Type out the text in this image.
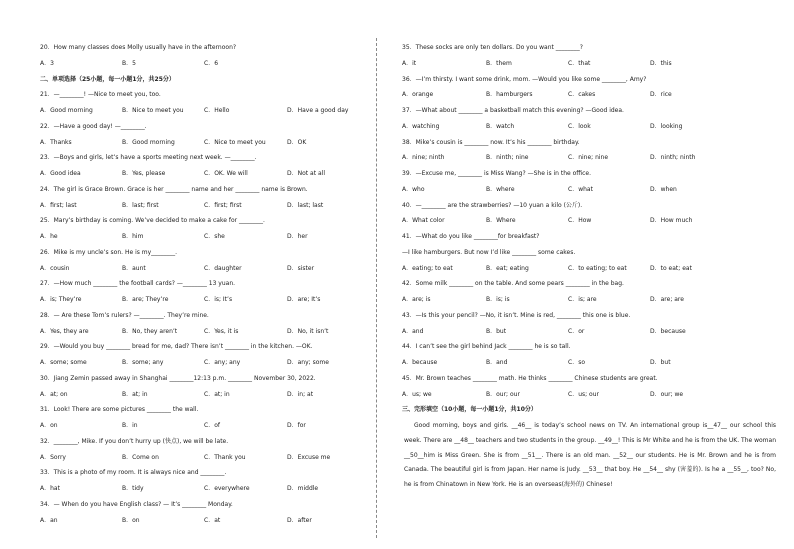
20．How many classes does Molly usually have in the afternoon?
A．3	B．5	C．6
二、单项选择（25小题，每一小题1分，共25分）
21．—________! —Nice to meet you, too.
A．Good morning	B．Nice to meet you	C．Hello	D．Have a good day
22．—Have a good day! —________.
A．Thanks	B．Good morning	C．Nice to meet you	D．OK
23．—Boys and girls, let’s have a sports meeting next week. —________.
A．Good idea	B．Yes, please	C．OK. We will	D．Not at all
24．The girl is Grace Brown. Grace is her ________ name and her ________ name is Brown.
A．first; last	B．last; first	C．first; first	D．last; last
25．Mary’s birthday is coming. We’ve decided to make a cake for ________.
A．he	B．him	C．she	D．her
26．Mike is my uncle’s son. He is my________.
A．cousin	B．aunt	C．daughter	D．sister
27．—How much ________ the football cards? —________ 13 yuan.
A．is; They’re	B．are; They’re	C．is; It’s	D．are; It’s
28．— Are these Tom’s rulers? —________. They’re mine.
A．Yes, they are	B．No, they aren’t	C．Yes, it is	D．No, it isn’t
29．—Would you buy ________ bread for me, dad? There isn’t ________ in the kitchen. —OK.
A．some; some	B．some; any	C．any; any	D．any; some
30．Jiang Zemin passed away in Shanghai ________12:13 p.m. ________ November 30, 2022.
A．at; on	B．at; in	C．at; in	D．in; at
31．Look! There are some pictures ________ the wall.
A．on	B．in	C．of	D．for
32．________, Mike. If you don’t hurry up (快点), we will be late.
A．Sorry	B．Come on	C．Thank you	D．Excuse me
33．This is a photo of my room. It is always nice and ________.
A．hat	B．tidy	C．everywhere	D．middle
34．— When do you have English class? — It’s ________ Monday.
A．an	B．on	C．at	D．after
35．These socks are only ten dollars. Do you want ________?
A．it	B．them	C．that	D．this
36．—I’m thirsty. I want some drink, mom. —Would you like some ________, Amy?
A．orange	B．hamburgers	C．cakes	D．rice
37．—What about ________ a basketball match this evening? —Good idea.
A．watching	B．watch	C．look	D．looking
38．Mike’s cousin is ________ now. It’s his ________ birthday.
A．nine; ninth	B．ninth; nine	C．nine; nine	D．ninth; ninth
39．—Excuse me, ________ is Miss Wang? —She is in the office.
A．who	B．where	C．what	D．when
40．—________ are the strawberries? —10 yuan a kilo (公斤).
A．What color	B．Where	C．How	D．How much
41．—What do you like ________for breakfast?
—I like hamburgers. But now I’d like ________ some cakes.
A．eating; to eat	B．eat; eating	C．to eating; to eat	D．to eat; eat
42．Some milk ________ on the table. And some pears ________ in the bag.
A．are; is	B．is; is	C．is; are	D．are; are
43．—Is this your pencil? —No, it isn’t. Mine is red, ________ this one is blue.
A．and	B．but	C．or	D．because
44．I can’t see the girl behind Jack ________ he is so tall.
A．because	B．and	C．so	D．but
45．Mr. Brown teaches ________ math. He thinks ________ Chinese students are great.
A．us; we	B．our; our	C．us; our	D．our; we
三、完形填空（10小题，每一小题1分，共10分）
Good morning, boys and girls. __46__ is today’s school news on TV. An international group is__47__ our school this week. There are __48__ teachers and two students in the group. __49__! This is Mr White and he is from the UK. The woman __50__him is Miss Green. She is from __51__. There is an old man. __52__ our students. He is Mr. Brown and he is from Canada. The beautiful girl is from Japan. Her name is Judy. __53__ that boy. He __54__ shy (害羞的). Is he a __55__, too? No, he is from Chinatown in New York. He is an overseas(海外的) Chinese!
